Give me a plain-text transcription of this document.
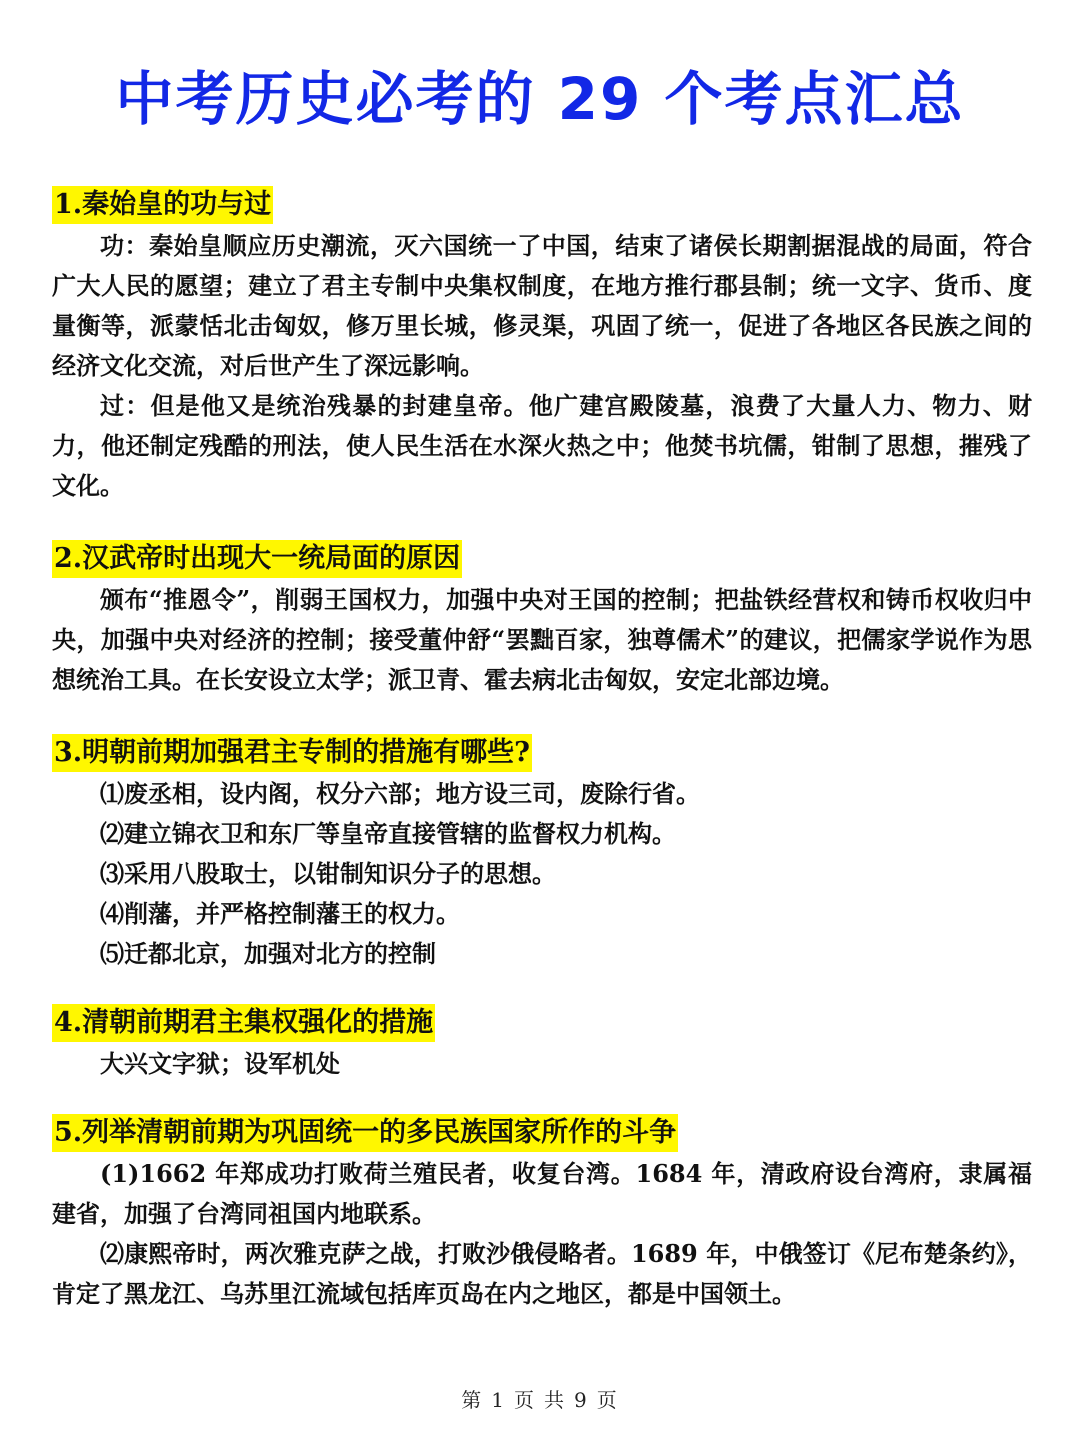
中考历史必考的 29 个考点汇总
1.秦始皇的功与过

功：秦始皇顺应历史潮流，灭六国统一了中国，结束了诸侯长期割据混战的局面，符合广大人民的愿望；建立了君主专制中央集权制度，在地方推行郡县制；统一文字、货币、度量衡等，派蒙恬北击匈奴，修万里长城，修灵渠，巩固了统一，促进了各地区各民族之间的经济文化交流，对后世产生了深远影响。

过：但是他又是统治残暴的封建皇帝。他广建宫殿陵墓，浪费了大量人力、物力、财力，他还制定残酷的刑法，使人民生活在水深火热之中；他焚书坑儒，钳制了思想，摧残了文化。

2.汉武帝时出现大一统局面的原因

颁布“推恩令”，削弱王国权力，加强中央对王国的控制；把盐铁经营权和铸币权收归中央，加强中央对经济的控制；接受董仲舒“罢黜百家，独尊儒术”的建议，把儒家学说作为思想统治工具。在长安设立太学；派卫青、霍去病北击匈奴，安定北部边境。

3.明朝前期加强君主专制的措施有哪些?

⑴废丞相，设内阁，权分六部；地方设三司，废除行省。

⑵建立锦衣卫和东厂等皇帝直接管辖的监督权力机构。

⑶采用八股取士，以钳制知识分子的思想。

⑷削藩，并严格控制藩王的权力。

⑸迁都北京，加强对北方的控制

4.清朝前期君主集权强化的措施

大兴文字狱；设军机处

5.列举清朝前期为巩固统一的多民族国家所作的斗争

(1)1662 年郑成功打败荷兰殖民者，收复台湾。1684 年，清政府设台湾府，隶属福建省，加强了台湾同祖国内地联系。

⑵康熙帝时，两次雅克萨之战，打败沙俄侵略者。1689 年，中俄签订《尼布楚条约》，肯定了黑龙江、乌苏里江流域包括库页岛在内之地区，都是中国领土。

第 1 页 共 9 页
